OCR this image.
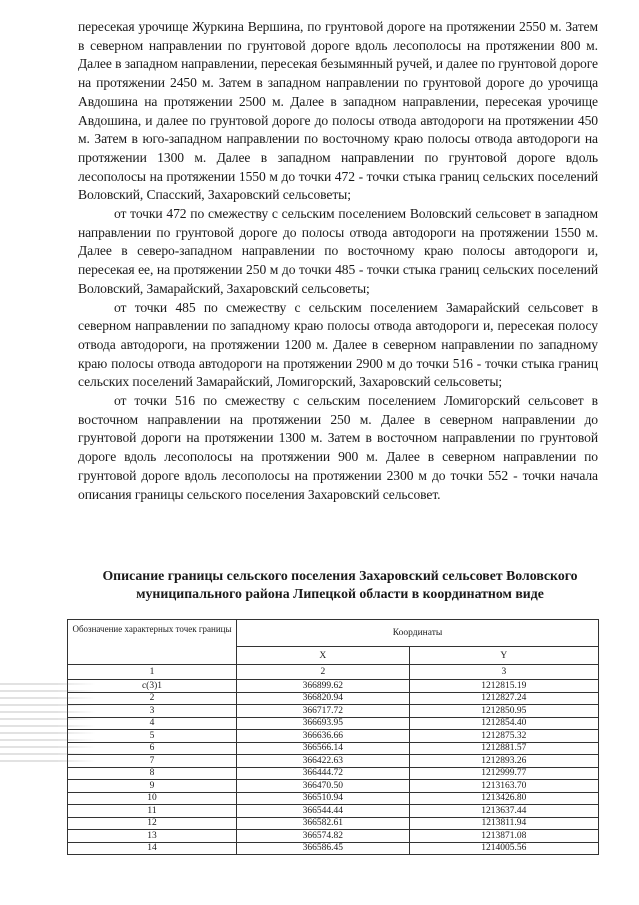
пересекая урочище Журкина Вершина, по грунтовой дороге на протяжении 2550 м. Затем в северном направлении по грунтовой дороге вдоль лесополосы на протяжении 800 м. Далее в западном направлении, пересекая безымянный ручей, и далее по грунтовой дороге на протяжении 2450 м. Затем в западном направлении по грунтовой дороге до урочища Авдошина на протяжении 2500 м. Далее в западном направлении, пересекая урочище Авдошина, и далее по грунтовой дороге до полосы отвода автодороги на протяжении 450 м. Затем в юго-западном направлении по восточному краю полосы отвода автодороги на протяжении 1300 м. Далее в западном направлении по грунтовой дороге вдоль лесополосы на протяжении 1550 м до точки 472 - точки стыка границ сельских поселений Воловский, Спасский, Захаровский сельсоветы;

от точки 472 по смежеству с сельским поселением Воловский сельсовет в западном направлении по грунтовой дороге до полосы отвода автодороги на протяжении 1550 м. Далее в северо-западном направлении по восточному краю полосы автодороги и, пересекая ее, на протяжении 250 м до точки 485 - точки стыка границ сельских поселений Воловский, Замарайский, Захаровский сельсоветы;

от точки 485 по смежеству с сельским поселением Замарайский сельсовет в северном направлении по западному краю полосы отвода автодороги и, пересекая полосу отвода автодороги, на протяжении 1200 м. Далее в северном направлении по западному краю полосы отвода автодороги на протяжении 2900 м до точки 516 - точки стыка границ сельских поселений Замарайский, Ломигорский, Захаровский сельсоветы;

от точки 516 по смежеству с сельским поселением Ломигорский сельсовет в восточном направлении на протяжении 250 м. Далее в северном направлении до грунтовой дороги на протяжении 1300 м. Затем в восточном направлении по грунтовой дороге вдоль лесополосы на протяжении 900 м. Далее в северном направлении по грунтовой дороге вдоль лесополосы на протяжении 2300 м до точки 552 - точки начала описания границы сельского поселения Захаровский сельсовет.

Описание границы сельского поселения Захаровский сельсовет Воловского муниципального района Липецкой области в координатном виде
Обозначение характерных точек границы	Координаты	
	X	Y
1	2	3
c(3)1	366899.62	1212815.19
2	366820.94	1212827.24
3	366717.72	1212850.95
4	366693.95	1212854.40
5	366636.66	1212875.32
6	366566.14	1212881.57
7	366422.63	1212893.26
8	366444.72	1212999.77
9	366470.50	1213163.70
10	366510.94	1213426.80
11	366544.44	1213637.44
12	366582.61	1213811.94
13	366574.82	1213871.08
14	366586.45	1214005.56
